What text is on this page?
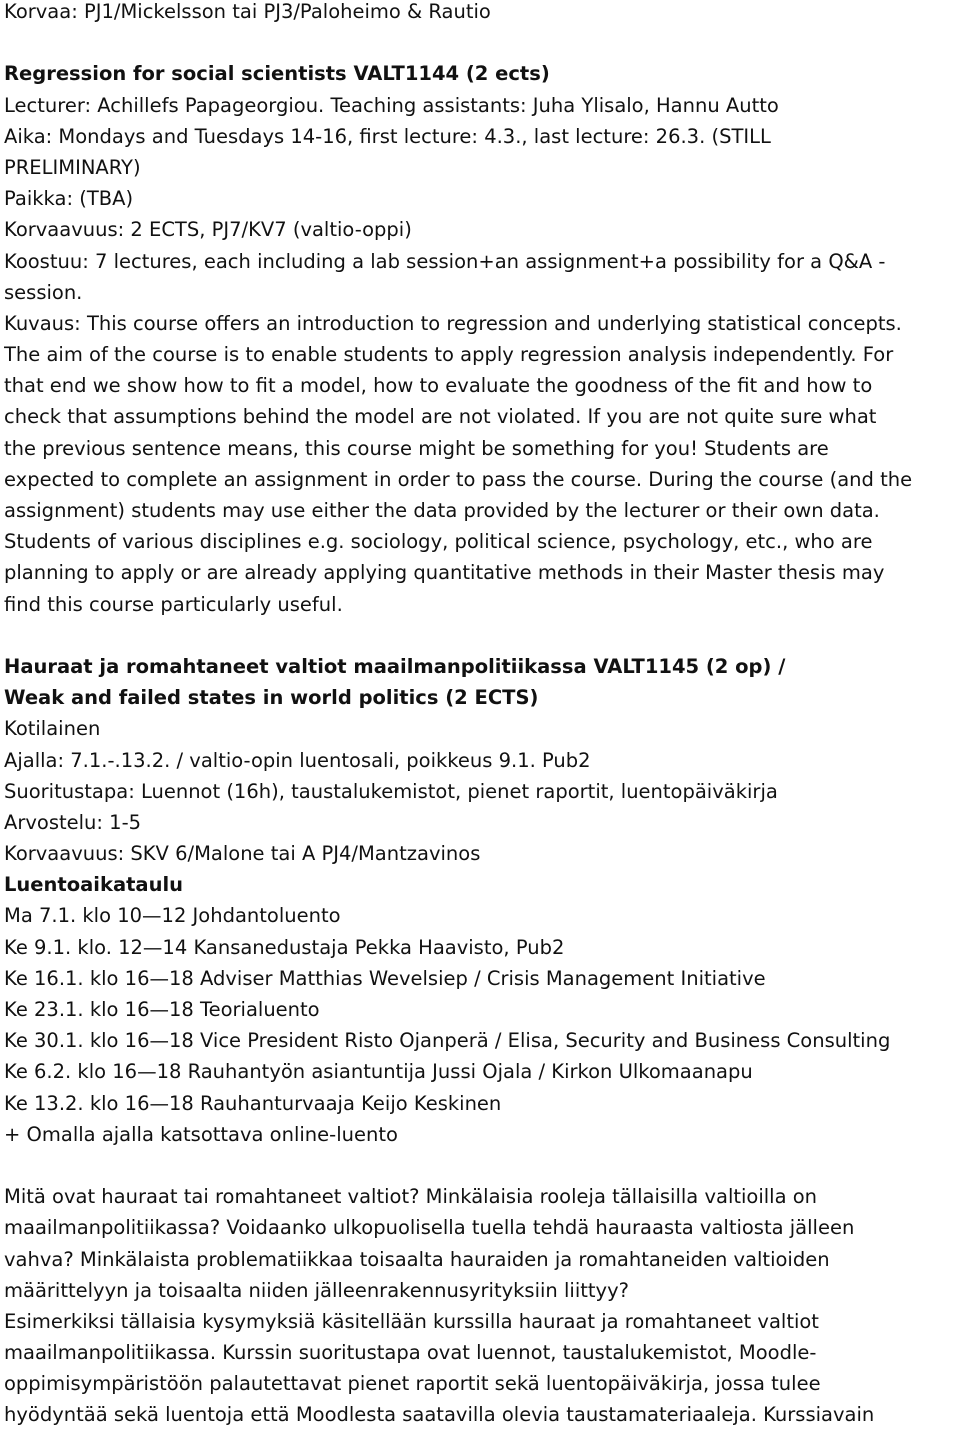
Korvaa: PJ1/Mickelsson tai PJ3/Paloheimo & Rautio
Regression for social scientists VALT1144 (2 ects)
Lecturer: Achillefs Papageorgiou. Teaching assistants: Juha Ylisalo, Hannu Autto
Aika: Mondays and Tuesdays 14-16, first lecture: 4.3., last lecture: 26.3. (STILL
PRELIMINARY)
Paikka: (TBA)
Korvaavuus: 2 ECTS, PJ7/KV7 (valtio-oppi)
Koostuu: 7 lectures, each including a lab session+an assignment+a possibility for a Q&A -
session.
Kuvaus: This course offers an introduction to regression and underlying statistical concepts.
The aim of the course is to enable students to apply regression analysis independently. For
that end we show how to fit a model, how to evaluate the goodness of the fit and how to
check that assumptions behind the model are not violated. If you are not quite sure what
the previous sentence means, this course might be something for you! Students are
expected to complete an assignment in order to pass the course. During the course (and the
assignment) students may use either the data provided by the lecturer or their own data.
Students of various disciplines e.g. sociology, political science, psychology, etc., who are
planning to apply or are already applying quantitative methods in their Master thesis may
find this course particularly useful.
Hauraat ja romahtaneet valtiot maailmanpolitiikassa VALT1145 (2 op) /
Weak and failed states in world politics (2 ECTS)
Kotilainen
Ajalla: 7.1.-.13.2. / valtio-opin luentosali, poikkeus 9.1. Pub2
Suoritustapa: Luennot (16h), taustalukemistot, pienet raportit, luentopäiväkirja
Arvostelu: 1-5
Korvaavuus: SKV 6/Malone tai A PJ4/Mantzavinos
Luentoaikataulu
Ma 7.1. klo 10—12 Johdantoluento
Ke 9.1. klo. 12—14 Kansanedustaja Pekka Haavisto, Pub2
Ke 16.1. klo 16—18 Adviser Matthias Wevelsiep / Crisis Management Initiative
Ke 23.1. klo 16—18 Teorialuento
Ke 30.1. klo 16—18 Vice President Risto Ojanperä / Elisa, Security and Business Consulting
Ke 6.2. klo 16—18 Rauhantyön asiantuntija Jussi Ojala / Kirkon Ulkomaanapu
Ke 13.2. klo 16—18 Rauhanturvaaja Keijo Keskinen
+ Omalla ajalla katsottava online-luento
Mitä ovat hauraat tai romahtaneet valtiot? Minkälaisia rooleja tällaisilla valtioilla on
maailmanpolitiikassa? Voidaanko ulkopuolisella tuella tehdä hauraasta valtiosta jälleen
vahva? Minkälaista problematiikkaa toisaalta hauraiden ja romahtaneiden valtioiden
määrittelyyn ja toisaalta niiden jälleenrakennusyrityksiin liittyy?
Esimerkiksi tällaisia kysymyksiä käsitellään kurssilla hauraat ja romahtaneet valtiot
maailmanpolitiikassa. Kurssin suoritustapa ovat luennot, taustalukemistot, Moodle-
oppimisympäristöön palautettavat pienet raportit sekä luentopäiväkirja, jossa tulee
hyödyntää sekä luentoja että Moodlesta saatavilla olevia taustamateriaaleja. Kurssiavain
